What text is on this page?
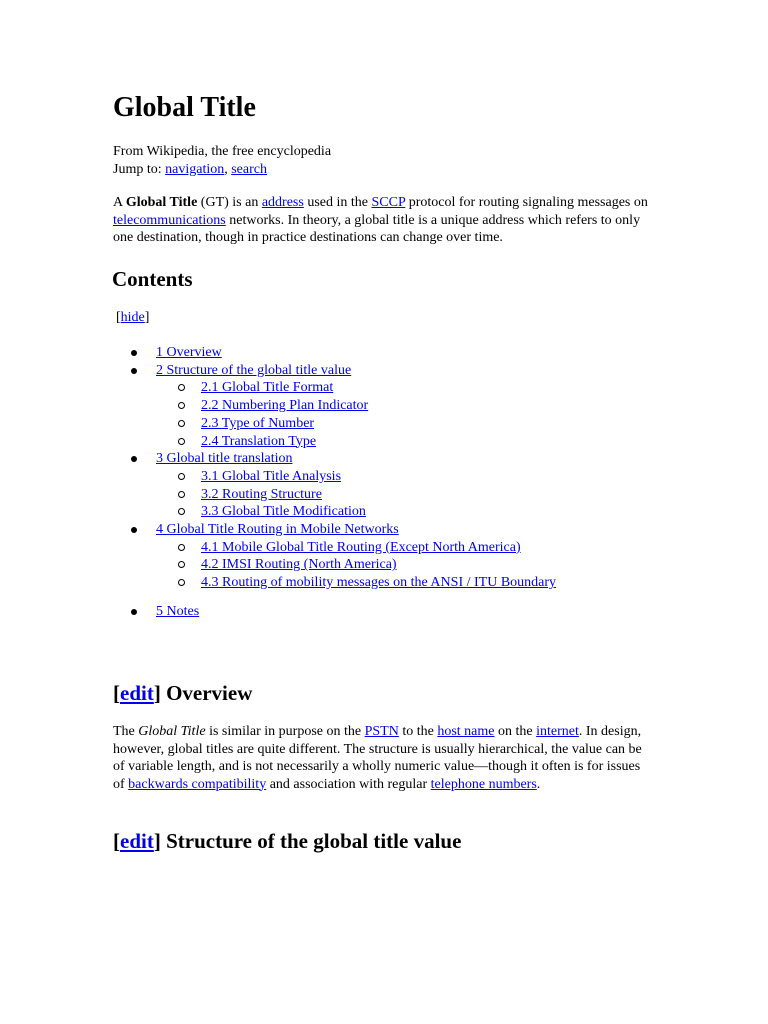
Global Title
From Wikipedia, the free encyclopedia
Jump to: navigation, search

A Global Title (GT) is an address used in the SCCP protocol for routing signaling messages on telecommunications networks. In theory, a global title is a unique address which refers to only one destination, though in practice destinations can change over time.

Contents
[hide]
1 Overview
2 Structure of the global title value
2.1 Global Title Format
2.2 Numbering Plan Indicator
2.3 Type of Number
2.4 Translation Type
3 Global title translation
3.1 Global Title Analysis
3.2 Routing Structure
3.3 Global Title Modification
4 Global Title Routing in Mobile Networks
4.1 Mobile Global Title Routing (Except North America)
4.2 IMSI Routing (North America)
4.3 Routing of mobility messages on the ANSI / ITU Boundary
5 Notes
[edit] Overview

The Global Title is similar in purpose on the PSTN to the host name on the internet. In design, however, global titles are quite different. The structure is usually hierarchical, the value can be of variable length, and is not necessarily a wholly numeric value—though it often is for issues of backwards compatibility and association with regular telephone numbers.

[edit] Structure of the global title value
